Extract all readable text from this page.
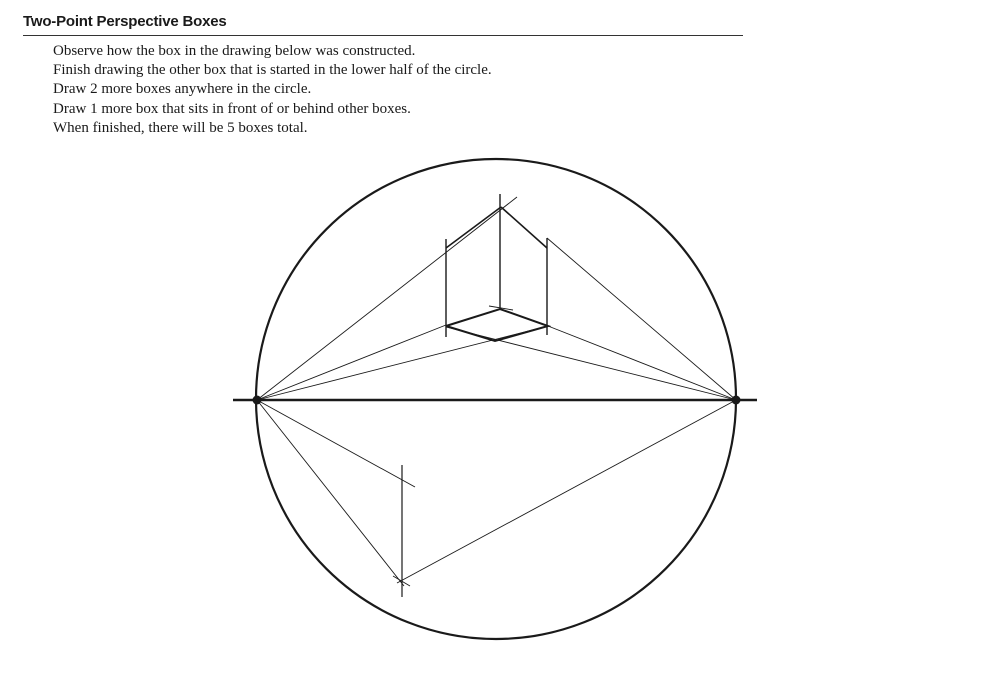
Two-Point Perspective Boxes
Observe how the box in the drawing below was constructed.
Finish drawing the other box that is started in the lower half of the circle.
Draw 2 more boxes anywhere in the circle.
Draw 1 more box that sits in front of or behind other boxes.
When finished, there will be 5 boxes total.
